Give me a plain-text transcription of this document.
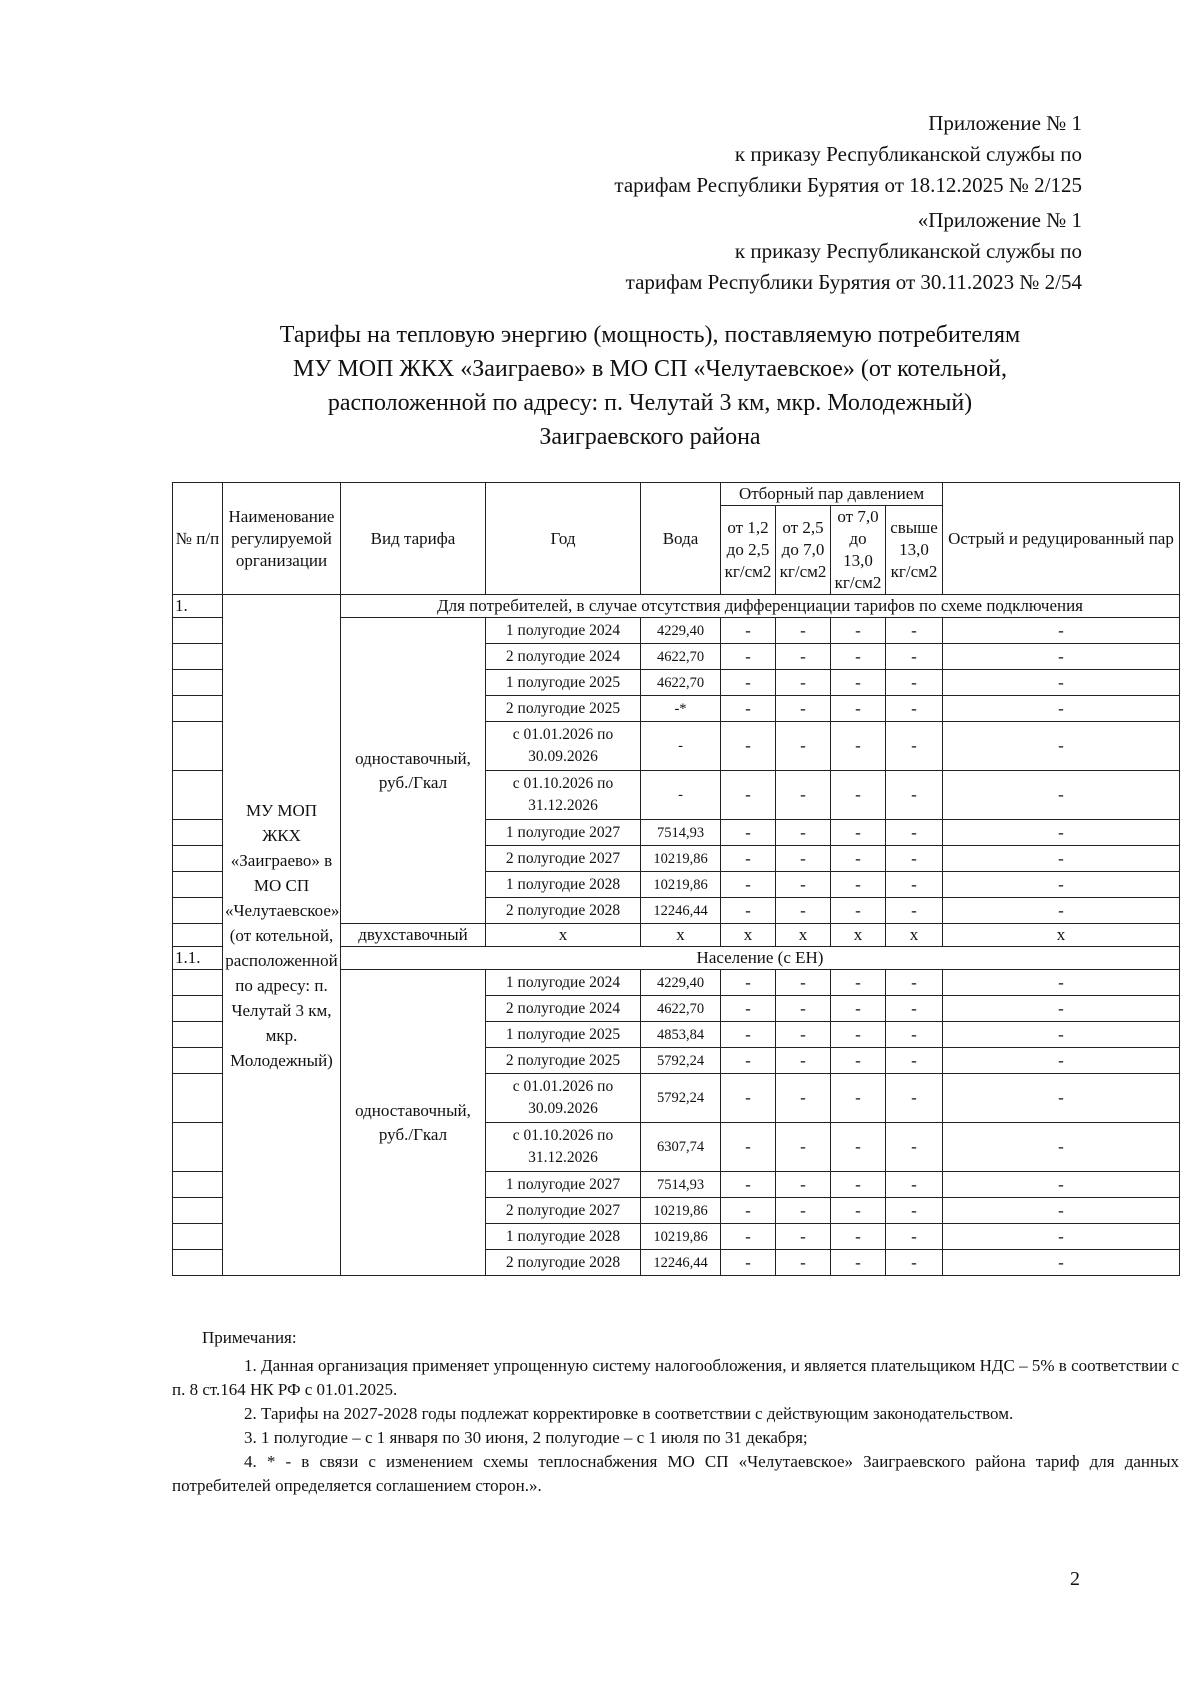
Приложение № 1
к приказу Республиканской службы по
тарифам Республики Бурятия от 18.12.2025 № 2/125
«Приложение № 1
к приказу Республиканской службы по
тарифам Республики Бурятия от 30.11.2023 № 2/54
Тарифы на тепловую энергию (мощность), поставляемую потребителям
МУ МОП ЖКХ «Заиграево» в МО СП «Челутаевское» (от котельной,
расположенной по адресу: п. Челутай 3 км, мкр. Молодежный)
Заиграевского района
№ п/п	Наименование регулируемой организации	Вид тарифа	Год	Вода	Отборный пар давлением				Острый и редуцированный пар
					от 1,2 до 2,5 кг/см2	от 2,5 до 7,0 кг/см2	от 7,0 до 13,0 кг/см2	свыше 13,0 кг/см2	
1.	МУ МОП ЖКХ «Заиграево» в МО СП «Челутаевское» (от котельной, расположенной по адресу: п. Челутай 3 км, мкр. Молодежный)	Для потребителей, в случае отсутствия дифференциации тарифов по схеме подключения							
		одноставочный, руб./Гкал	1 полугодие 2024	4229,40	-	-	-	-	-
			2 полугодие 2024	4622,70	-	-	-	-	-
			1 полугодие 2025	4622,70	-	-	-	-	-
			2 полугодие 2025	-*	-	-	-	-	-
			с 01.01.2026 по 30.09.2026	-	-	-	-	-	-
			с 01.10.2026 по 31.12.2026	-	-	-	-	-	-
			1 полугодие 2027	7514,93	-	-	-	-	-
			2 полугодие 2027	10219,86	-	-	-	-	-
			1 полугодие 2028	10219,86	-	-	-	-	-
			2 полугодие 2028	12246,44	-	-	-	-	-
		двухставочный	х	х	х	х	х	х	х
1.1.		Население (с ЕН)							
		одноставочный, руб./Гкал	1 полугодие 2024	4229,40	-	-	-	-	-
			2 полугодие 2024	4622,70	-	-	-	-	-
			1 полугодие 2025	4853,84	-	-	-	-	-
			2 полугодие 2025	5792,24	-	-	-	-	-
			с 01.01.2026 по 30.09.2026	5792,24	-	-	-	-	-
			с 01.10.2026 по 31.12.2026	6307,74	-	-	-	-	-
			1 полугодие 2027	7514,93	-	-	-	-	-
			2 полугодие 2027	10219,86	-	-	-	-	-
			1 полугодие 2028	10219,86	-	-	-	-	-
			2 полугодие 2028	12246,44	-	-	-	-	-

Примечания:

1. Данная организация применяет упрощенную систему налогообложения, и является плательщиком НДС – 5% в соответствии с п. 8 ст.164 НК РФ с 01.01.2025.

2. Тарифы на 2027-2028 годы подлежат корректировке в соответствии с действующим законодательством.

3. 1 полугодие – с 1 января по 30 июня, 2 полугодие – с 1 июля по 31 декабря;

4. * - в связи с изменением схемы теплоснабжения МО СП «Челутаевское» Заиграевского района тариф для данных потребителей определяется соглашением сторон.».

2
